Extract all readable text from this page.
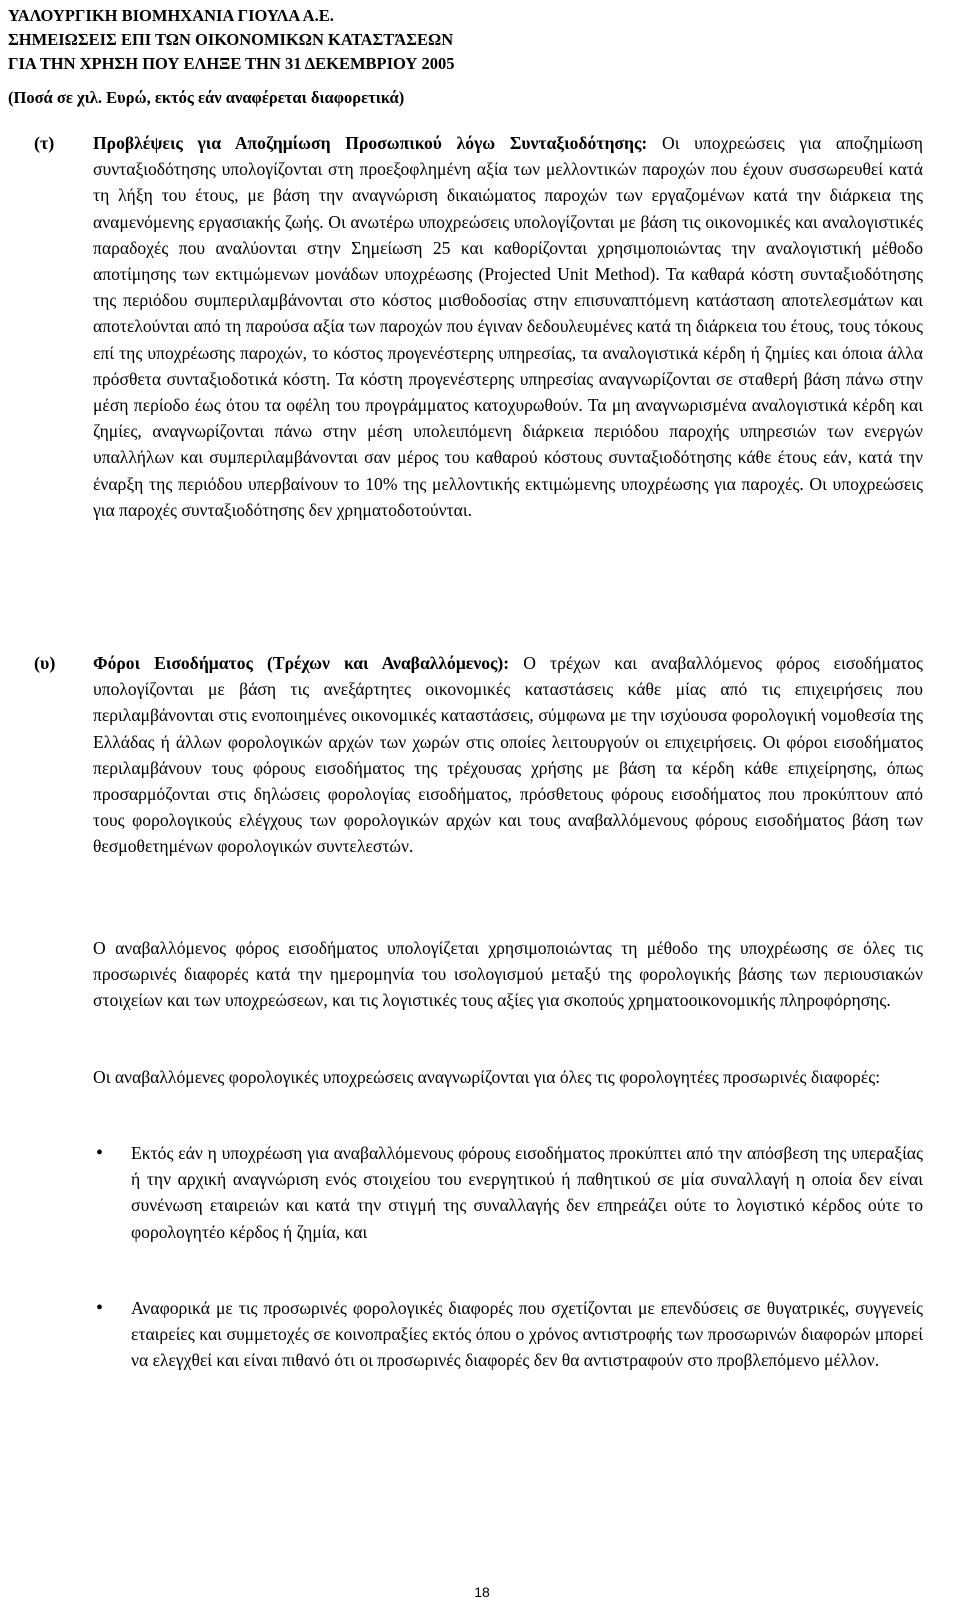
ΥΑΛΟΥΡΓΙΚΗ ΒΙΟΜΗΧΑΝΙΑ ΓΙΟΥΛΑ Α.Ε.
ΣΗΜΕΙΩΣΕΙΣ ΕΠΙ ΤΩΝ ΟΙΚΟΝΟΜΙΚΩΝ ΚΑΤΑΣΤΆΣΕΩΝ
ΓΙΑ ΤΗΝ ΧΡΗΣΗ ΠΟΥ ΕΛΗΞΕ ΤΗΝ 31 ΔΕΚΕΜΒΡΙΟΥ 2005
(Ποσά σε χιλ. Ευρώ, εκτός εάν αναφέρεται διαφορετικά)
(τ) Προβλέψεις για Αποζημίωση Προσωπικού λόγω Συνταξιοδότησης: Οι υποχρεώσεις για αποζημίωση συνταξιοδότησης υπολογίζονται στη προεξοφλημένη αξία των μελλοντικών παροχών που έχουν συσσωρευθεί κατά τη λήξη του έτους, με βάση την αναγνώριση δικαιώματος παροχών των εργαζομένων κατά την διάρκεια της αναμενόμενης εργασιακής ζωής. Οι ανωτέρω υποχρεώσεις υπολογίζονται με βάση τις οικονομικές και αναλογιστικές παραδοχές που αναλύονται στην Σημείωση 25 και καθορίζονται χρησιμοποιώντας την αναλογιστική μέθοδο αποτίμησης των εκτιμώμενων μονάδων υποχρέωσης (Projected Unit Method). Τα καθαρά κόστη συνταξιοδότησης της περιόδου συμπεριλαμβάνονται στο κόστος μισθοδοσίας στην επισυναπτόμενη κατάσταση αποτελεσμάτων και αποτελούνται από τη παρούσα αξία των παροχών που έγιναν δεδουλευμένες κατά τη διάρκεια του έτους, τους τόκους επί της υποχρέωσης παροχών, το κόστος προγενέστερης υπηρεσίας, τα αναλογιστικά κέρδη ή ζημίες και όποια άλλα πρόσθετα συνταξιοδοτικά κόστη. Τα κόστη προγενέστερης υπηρεσίας αναγνωρίζονται σε σταθερή βάση πάνω στην μέση περίοδο έως ότου τα οφέλη του προγράμματος κατοχυρωθούν. Τα μη αναγνωρισμένα αναλογιστικά κέρδη και ζημίες, αναγνωρίζονται πάνω στην μέση υπολειπόμενη διάρκεια περιόδου παροχής υπηρεσιών των ενεργών υπαλλήλων και συμπεριλαμβάνονται σαν μέρος του καθαρού κόστους συνταξιοδότησης κάθε έτους εάν, κατά την έναρξη της περιόδου υπερβαίνουν το 10% της μελλοντικής εκτιμώμενης υποχρέωσης για παροχές. Οι υποχρεώσεις για παροχές συνταξιοδότησης δεν χρηματοδοτούνται.
(υ) Φόροι Εισοδήματος (Τρέχων και Αναβαλλόμενος): Ο τρέχων και αναβαλλόμενος φόρος εισοδήματος υπολογίζονται με βάση τις ανεξάρτητες οικονομικές καταστάσεις κάθε μίας από τις επιχειρήσεις που περιλαμβάνονται στις ενοποιημένες οικονομικές καταστάσεις, σύμφωνα με την ισχύουσα φορολογική νομοθεσία της Ελλάδας ή άλλων φορολογικών αρχών των χωρών στις οποίες λειτουργούν οι επιχειρήσεις. Οι φόροι εισοδήματος περιλαμβάνουν τους φόρους εισοδήματος της τρέχουσας χρήσης με βάση τα κέρδη κάθε επιχείρησης, όπως προσαρμόζονται στις δηλώσεις φορολογίας εισοδήματος, πρόσθετους φόρους εισοδήματος που προκύπτουν από τους φορολογικούς ελέγχους των φορολογικών αρχών και τους αναβαλλόμενους φόρους εισοδήματος βάση των θεσμοθετημένων φορολογικών συντελεστών.
Ο αναβαλλόμενος φόρος εισοδήματος υπολογίζεται χρησιμοποιώντας τη μέθοδο της υποχρέωσης σε όλες τις προσωρινές διαφορές κατά την ημερομηνία του ισολογισμού μεταξύ της φορολογικής βάσης των περιουσιακών στοιχείων και των υποχρεώσεων, και τις λογιστικές τους αξίες για σκοπούς χρηματοοικονομικής πληροφόρησης.
Οι αναβαλλόμενες φορολογικές υποχρεώσεις αναγνωρίζονται για όλες τις φορολογητέες προσωρινές διαφορές:
• Εκτός εάν η υποχρέωση για αναβαλλόμενους φόρους εισοδήματος προκύπτει από την απόσβεση της υπεραξίας ή την αρχική αναγνώριση ενός στοιχείου του ενεργητικού ή παθητικού σε μία συναλλαγή η οποία δεν είναι συνένωση εταιρειών και κατά την στιγμή της συναλλαγής δεν επηρεάζει ούτε το λογιστικό κέρδος ούτε το φορολογητέο κέρδος ή ζημία, και
• Αναφορικά με τις προσωρινές φορολογικές διαφορές που σχετίζονται με επενδύσεις σε θυγατρικές, συγγενείς εταιρείες και συμμετοχές σε κοινοπραξίες εκτός όπου ο χρόνος αντιστροφής των προσωρινών διαφορών μπορεί να ελεγχθεί και είναι πιθανό ότι οι προσωρινές διαφορές δεν θα αντιστραφούν στο προβλεπόμενο μέλλον.
18
